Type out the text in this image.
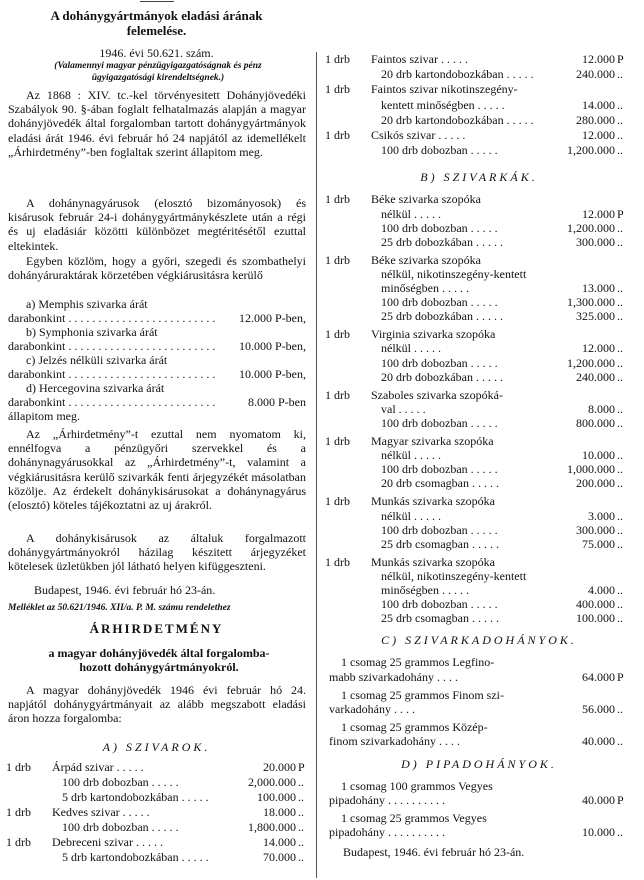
A dohánygyártmányok eladási árának
felemelése.
1946. évi 50.621. szám.
(Valamennyi magyar pénzügyigazgatóságnak és pénz
ügyigazgatósági kirendeltségnek.)

Az 1868 : XIV. tc.-kel törvényesitett Dohányjövedéki Szabályok 90. §-ában foglalt felhatalmazás alapján a magyar dohányjövedék által forgalomban tartott dohánygyártmányok eladási árát 1946. évi február hó 24 napjától az idemellékelt „Árhirdetmény”-ben foglaltak szerint állapitom meg.

A dohánynagyárusok (elosztó bizományosok) és kisárusok február 24-i dohánygyártmánykészlete után a régi és uj eladásiár közötti különbözet megtéritésétől ezuttal eltekintek.

Egyben közlöm, hogy a győri, szegedi és szombathelyi dohányáruraktárak körzetében végkiárusitásra kerülő

a) Memphis szivarka árát
darabonkint . . . . . . . . . . . . . . . . . . . . . . . . .	12.000 P-ben,
b) Symphonia szivarka árát
darabonkint . . . . . . . . . . . . . . . . . . . . . . . . .	10.000 P-ben,
c) Jelzés nélküli szivarka árát
darabonkint . . . . . . . . . . . . . . . . . . . . . . . . .	10.000 P-ben,
d) Hercegovina szivarka árát
darabonkint . . . . . . . . . . . . . . . . . . . . . . . . .	8.000 P-ben
állapitom meg.

Az „Árhirdetmény”-t ezuttal nem nyomatom ki, ennélfogva a pénzügyőri szervekkel és a dohánynagyárusokkal az „Árhirdetmény”-t, valamint a végkiárusitásra kerülő szivarkák fenti árjegyzékét másolatban közölje. Az érdekelt dohánykisárusokat a dohánynagyárus (elosztó) köteles tájékoztatni az uj árakról.

A dohánykisárusok az általuk forgalmazott dohánygyártmányokról házilag készitett árjegyzéket kötelesek üzletükben jól látható helyen kifüggeszteni.

Budapest, 1946. évi február hó 23-án.
Melléklet az 50.621/1946. XII/a. P. M. számu rendelethez
ÁRHIRDETMÉNY
a magyar dohányjövedék által forgalomba-
hozott dohánygyártmányokról.

A magyar dohányjövedék 1946 évi február hó 24. napjától dohánygyártmányait az alább megszabott eladási áron hozza forgalomba:

A) SZIVAROK.
1 drb Árpád szivar . . . . .	20.000 P
100 drb dobozban . . . . .	2,000.000 ..
5 drb kartondobozkában . . . . .	100.000 ..
1 drb Kedves szivar . . . . .	18.000 ..
100 drb dobozban . . . . .	1,800.000 ..
1 drb Debreceni szivar . . . . .	14.000 ..
5 drb kartondobozkában . . . . .	70.000 ..
1 drb Faintos szivar . . . . .	12.000 P
20 drb kartondobozkában . . . . .	240.000 ..
1 drb Faintos szivar nikotinszegény-
kentett minőségben . . . . .	14.000 ..
20 drb kartondobozkában . . . . .	280.000 ..
1 drb Csikós szivar . . . . .	12.000 ..
100 drb dobozban . . . . .	1,200.000 ..
B) SZIVARKÁK.
1 drb Béke szivarka szopóka
nélkül . . . . .	12.000 P
100 drb dobozban . . . . .	1,200.000 ..
25 drb dobozkában . . . . .	300.000 ..
1 drb Béke szivarka szopóka
nélkül, nikotinszegény-kentett
minőségben . . . . .	13.000 ..
100 drb dobozban . . . . .	1,300.000 ..
25 drb dobozkában . . . . .	325.000 ..
1 drb Virginia szivarka szopóka
nélkül . . . . .	12.000 ..
100 drb dobozban . . . . .	1,200.000 ..
20 drb dobozkában . . . . .	240.000 ..
1 drb Szaboles szivarka szopóká-
val . . . . .	8.000 ..
100 drb dobozban . . . . .	800.000 ..
1 drb Magyar szivarka szopóka
nélkül . . . . .	10.000 ..
100 drb dobozban . . . . .	1,000.000 ..
20 drb csomagban . . . . .	200.000 ..
1 drb Munkás szivarka szopóka
nélkül . . . . .	3.000 ..
100 drb dobozban . . . . .	300.000 ..
25 drb csomagban . . . . .	75.000 ..
1 drb Munkás szivarka szopóka
nélkül, nikotinszegény-kentett
minőségben . . . . .	4.000 ..
100 drb dobozban . . . . .	400.000 ..
25 drb csomagban . . . . .	100.000 ..
C) SZIVARKADOHÁNYOK.
1 csomag 25 grammos Legfino-
mabb szivarkadohány . . . .	64.000 P
1 csomag 25 grammos Finom szi-
varkadohány . . . .	56.000 ..
1 csomag 25 grammos Közép-
finom szivarkadohány . . . .	40.000 ..
D) PIPADOHÁNYOK.
1 csomag 100 grammos Vegyes
pipadohány . . . . . . . . . .	40.000 P
1 csomag 25 grammos Vegyes
pipadohány . . . . . . . . . .	10.000 ..
Budapest, 1946. évi február hó 23-án.
